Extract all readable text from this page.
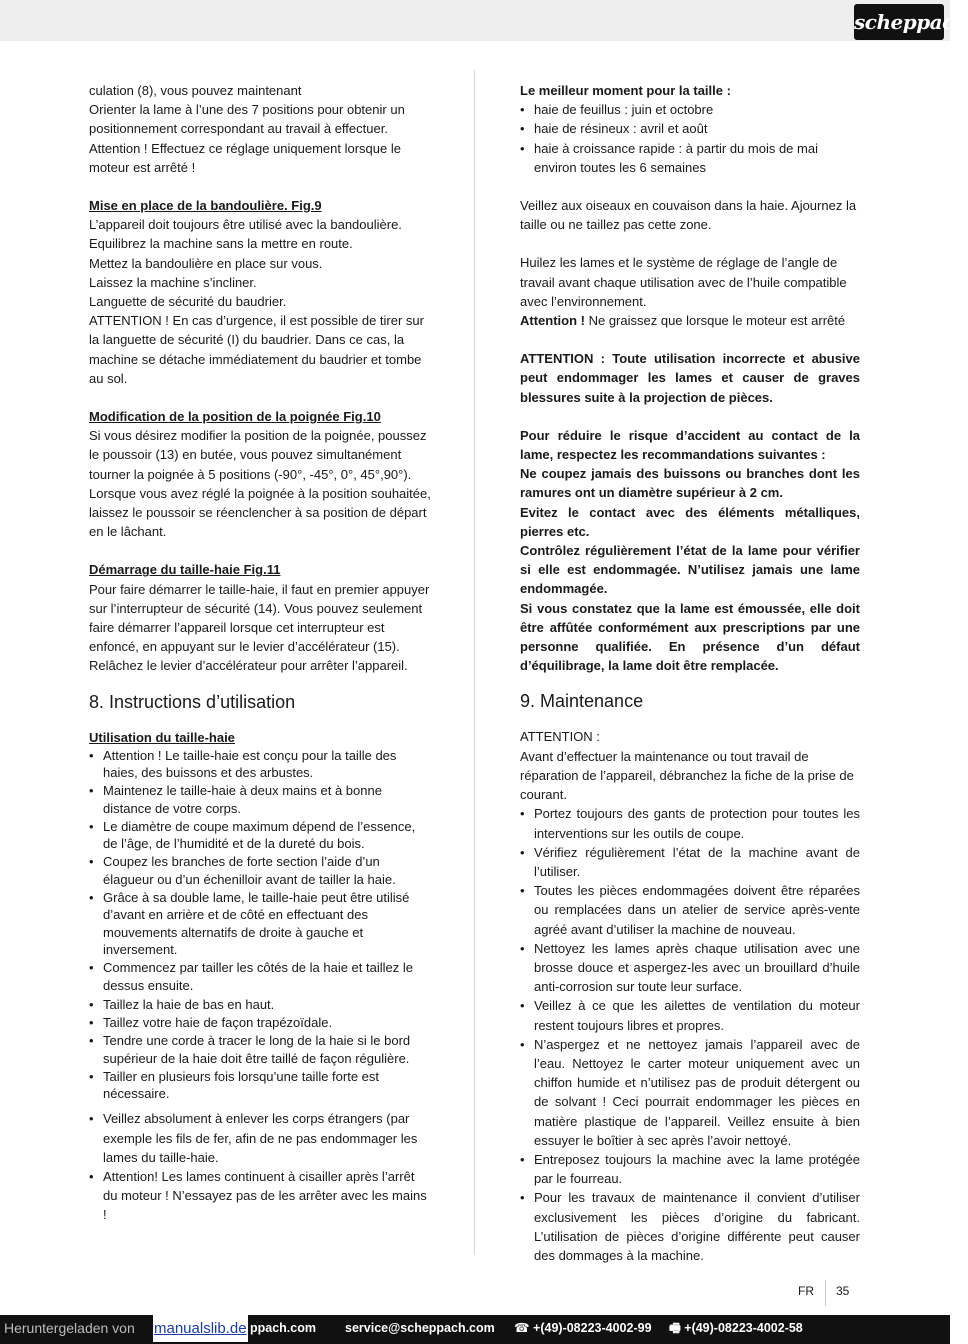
scheppach

culation (8), vous pouvez maintenant

Orienter la lame à l’une des 7 positions pour obtenir un positionnement correspondant au travail à effectuer. Attention ! Effectuez ce réglage uniquement lorsque le moteur est arrêté !

Mise en place de la bandoulière. Fig.9

L’appareil doit toujours être utilisé avec la bandoulière.

Equilibrez la machine sans la mettre en route.

Mettez la bandoulière en place sur vous.

Laissez la machine s’incliner.

Languette de sécurité du baudrier.

ATTENTION ! En cas d’urgence, il est possible de tirer sur la languette de sécurité (I) du baudrier. Dans ce cas, la machine se détache immédiatement du baudrier et tombe au sol.

Modification de la position de la poignée Fig.10

Si vous désirez modifier la position de la poignée, poussez le poussoir (13) en butée, vous pouvez simultanément tourner la poignée à 5 positions (-90°, -45°, 0°, 45°,90°). Lorsque vous avez réglé la poignée à la position souhaitée, laissez le poussoir se réenclencher à sa position de départ en le lâchant.

Démarrage du taille-haie Fig.11

Pour faire démarrer le taille-haie, il faut en premier appuyer sur l’interrupteur de sécurité (14). Vous pouvez seulement faire démarrer l’appareil lorsque cet interrupteur est enfoncé, en appuyant sur le levier d’accélérateur (15). Relâchez le levier d’accélérateur pour arrêter l’appareil.

8. Instructions d’utilisation

Utilisation du taille-haie

• Attention ! Le taille-haie est conçu pour la taille des haies, des buissons et des arbustes.
• Maintenez le taille-haie à deux mains et à bonne distance de votre corps.
• Le diamètre de coupe maximum dépend de l’essence, de l’âge, de l’humidité et de la dureté du bois.
• Coupez les branches de forte section l’aide d’un élagueur ou d’un échenilloir avant de tailler la haie.
• Grâce à sa double lame, le taille-haie peut être utilisé d’avant en arrière et de côté en effectuant des mouvements alternatifs de droite à gauche et inversement.
• Commencez par tailler les côtés de la haie et taillez le dessus ensuite.
• Taillez la haie de bas en haut.
• Taillez votre haie de façon trapézoïdale.
• Tendre une corde à tracer le long de la haie si le bord supérieur de la haie doit être taillé de façon régulière.
• Tailler en plusieurs fois lorsqu’une taille forte est nécessaire.
• Veillez absolument à enlever les corps étrangers (par exemple les fils de fer, afin de ne pas endommager les lames du taille-haie.
• Attention! Les lames continuent à cisailler après l’arrêt du moteur ! N’essayez pas de les arrêter avec les mains !

Le meilleur moment pour la taille :

• haie de feuillus : juin et octobre
• haie de résineux : avril et août
• haie à croissance rapide : à partir du mois de mai environ toutes les 6 semaines

Veillez aux oiseaux en couvaison dans la haie. Ajournez la taille ou ne taillez pas cette zone.

Huilez les lames et le système de réglage de l’angle de travail avant chaque utilisation avec de l’huile compatible avec l’environnement.

Attention ! Ne graissez que lorsque le moteur est arrêté

ATTENTION : Toute utilisation incorrecte et abusive peut endommager les lames et causer de graves blessures suite à la projection de pièces.

Pour réduire le risque d’accident au contact de la lame, respectez les recommandations suivantes :

Ne coupez jamais des buissons ou branches dont les ramures ont un diamètre supérieur à 2 cm.

Evitez le contact avec des éléments métalliques, pierres etc.

Contrôlez régulièrement l’état de la lame pour vérifier si elle est endommagée. N’utilisez jamais une lame endommagée.

Si vous constatez que la lame est émoussée, elle doit être affûtée conformément aux prescriptions par une personne qualifiée. En présence d’un défaut d’équilibrage, la lame doit être remplacée.

9. Maintenance

ATTENTION :

Avant d’effectuer la maintenance ou tout travail de réparation de l’appareil, débranchez la fiche de la prise de courant.

• Portez toujours des gants de protection pour toutes les interventions sur les outils de coupe.
• Vérifiez régulièrement l’état de la machine avant de l’utiliser.
• Toutes les pièces endommagées doivent être réparées ou remplacées dans un atelier de service après-vente agréé avant d’utiliser la machine de nouveau.
• Nettoyez les lames après chaque utilisation avec une brosse douce et aspergez-les avec un brouillard d’huile anti-corrosion sur toute leur surface.
• Veillez à ce que les ailettes de ventilation du moteur restent toujours libres et propres.
• N’aspergez et ne nettoyez jamais l’appareil avec de l’eau. Nettoyez le carter moteur uniquement avec un chiffon humide et n’utilisez pas de produit détergent ou de solvant ! Ceci pourrait endommager les pièces en matière plastique de l’appareil. Veillez ensuite à bien essuyer le boîtier à sec après l’avoir nettoyé.
• Entreposez toujours la machine avec la lame protégée par le fourreau.
• Pour les travaux de maintenance il convient d’utiliser exclusivement les pièces d’origine du fabricant. L’utilisation de pièces d’origine différente peut causer des dommages à la machine.
FR 35
Heruntergeladen von manualslib.de ppach.com service@scheppach.com ☎ +(49)-08223-4002-99 🖷 +(49)-08223-4002-58
